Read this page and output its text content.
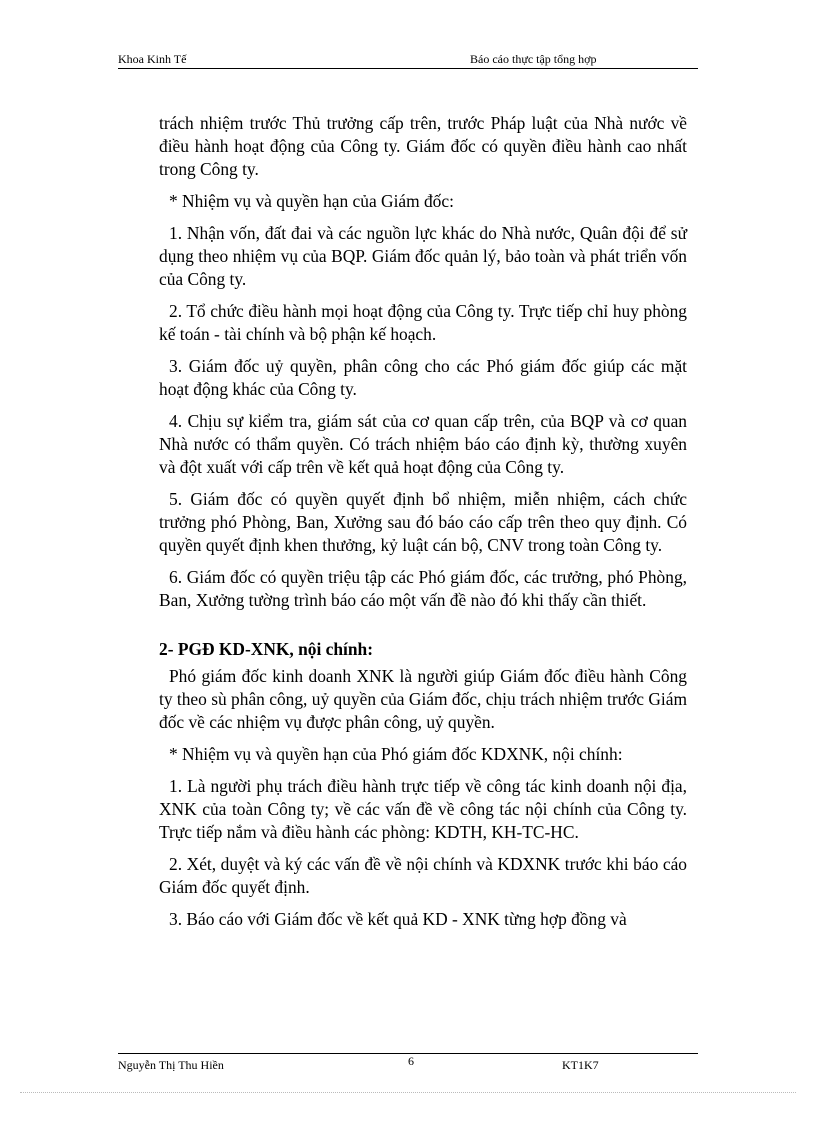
Khoa Kinh Tế	Báo cáo thực tập tổng hợp

trách nhiệm trước Thủ trưởng cấp trên, trước Pháp luật của Nhà nước về điều hành hoạt động của Công ty. Giám đốc có quyền điều hành cao nhất trong Công ty.

* Nhiệm vụ và quyền hạn của Giám đốc:

1. Nhận vốn, đất đai và các nguồn lực khác do Nhà nước, Quân đội để sử dụng theo nhiệm vụ của BQP. Giám đốc quản lý, bảo toàn và phát triển vốn của Công ty.

2. Tổ chức điều hành mọi hoạt động của Công ty. Trực tiếp chỉ huy phòng kế toán - tài chính và bộ phận kế hoạch.

3. Giám đốc uỷ quyền, phân công cho các Phó giám đốc giúp các mặt hoạt động khác của Công ty.

4. Chịu sự kiểm tra, giám sát của cơ quan cấp trên, của BQP và cơ quan Nhà nước có thẩm quyền. Có trách nhiệm báo cáo định kỳ, thường xuyên và đột xuất với cấp trên về kết quả hoạt động của Công ty.

5. Giám đốc có quyền quyết định bổ nhiệm, miễn nhiệm, cách chức trưởng phó Phòng, Ban, Xưởng sau đó báo cáo cấp trên theo quy định. Có quyền quyết định khen thưởng, kỷ luật cán bộ, CNV trong toàn Công ty.

6. Giám đốc có quyền triệu tập các Phó giám đốc, các trưởng, phó Phòng, Ban, Xưởng tường trình báo cáo một vấn đề nào đó khi thấy cần thiết.

2- PGĐ KD-XNK, nội chính:

Phó giám đốc kinh doanh XNK là người giúp Giám đốc điều hành Công ty theo sù phân công, uỷ quyền của Giám đốc, chịu trách nhiệm trước Giám đốc về các nhiệm vụ được phân công, uỷ quyền.

* Nhiệm vụ và quyền hạn của Phó giám đốc KDXNK, nội chính:

1. Là người phụ trách điều hành trực tiếp về công tác kinh doanh nội địa, XNK của toàn Công ty; về các vấn đề về công tác nội chính của Công ty. Trực tiếp nắm và điều hành các phòng: KDTH, KH-TC-HC.

2. Xét, duyệt và ký các vấn đề về nội chính và KDXNK trước khi báo cáo Giám đốc quyết định.

3. Báo cáo với Giám đốc về kết quả KD - XNK từng hợp đồng và

Nguyễn Thị Thu Hiền	6	KT1K7
